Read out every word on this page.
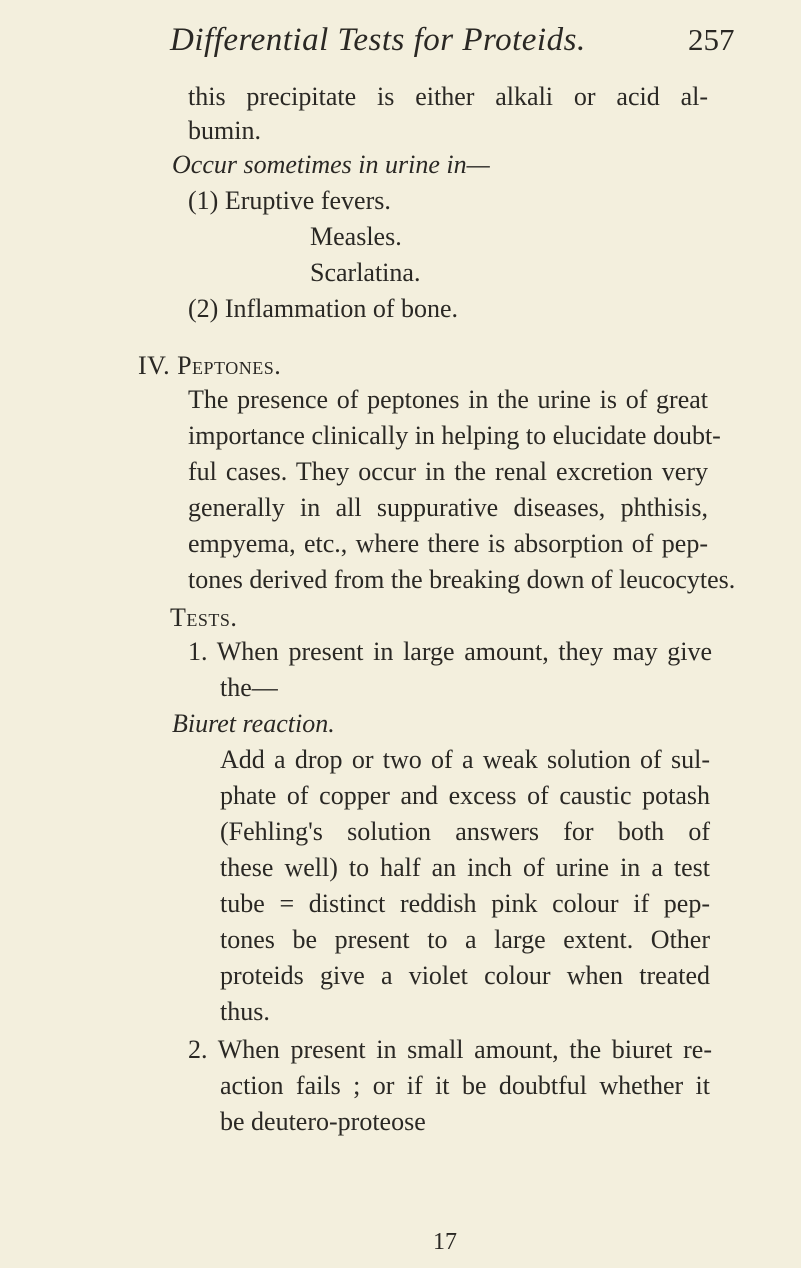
Differential Tests for Proteids.	257
this precipitate is either alkali or acid al-
bumin.
Occur sometimes in urine in—
(1) Eruptive fevers.
Measles.
Scarlatina.
(2) Inflammation of bone.
IV. Peptones.
The presence of peptones in the urine is of great
importance clinically in helping to elucidate doubt-
ful cases. They occur in the renal excretion very
generally in all suppurative diseases, phthisis,
empyema, etc., where there is absorption of pep-
tones derived from the breaking down of leucocytes.
Tests.
1. When present in large amount, they may give
the—
Biuret reaction.
Add a drop or two of a weak solution of sul-
phate of copper and excess of caustic potash
(Fehling's solution answers for both of
these well) to half an inch of urine in a test
tube = distinct reddish pink colour if pep-
tones be present to a large extent. Other
proteids give a violet colour when treated
thus.
2. When present in small amount, the biuret re-
action fails ; or if it be doubtful whether it
be deutero-proteose
17
